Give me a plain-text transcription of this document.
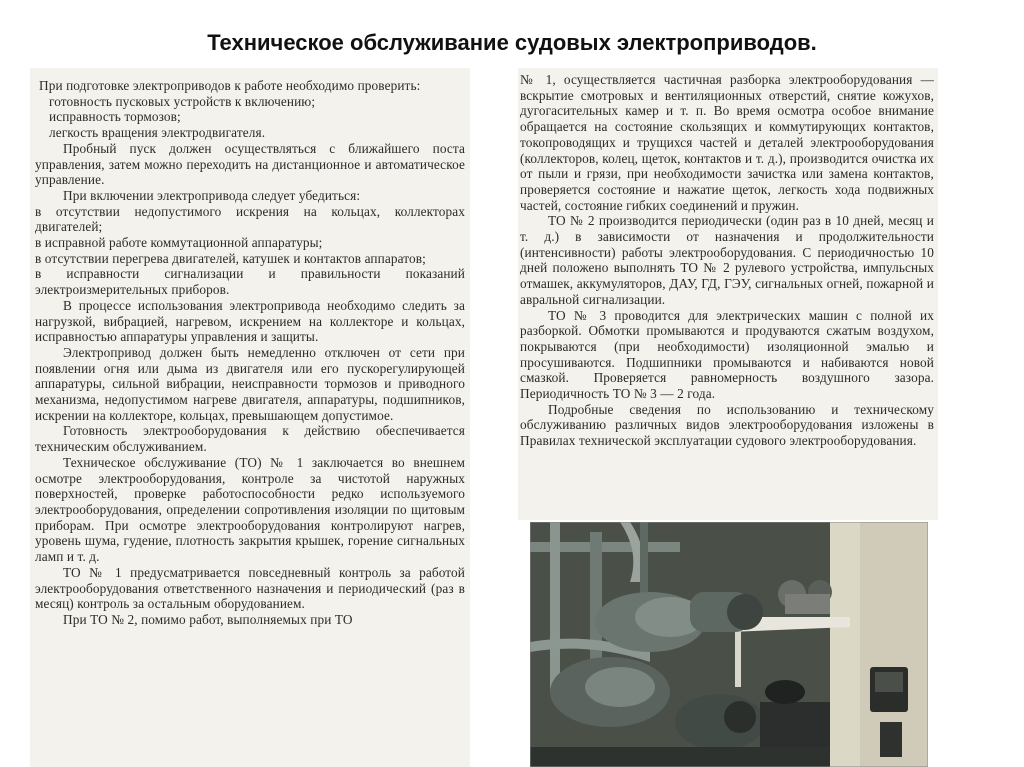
Техническое обслуживание судовых электроприводов.

При подготовке электроприводов к работе необходимо проверить:

готовность пусковых устройств к включению;

исправность тормозов;

легкость вращения электродвигателя.

Пробный пуск должен осуществляться с ближайшего поста управления, затем можно переходить на дистанционное и автоматическое управление.

При включении электропривода следует убедиться:

в отсутствии недопустимого искрения на кольцах, коллекторах двигателей;

в исправной работе коммутационной аппаратуры;

в отсутствии перегрева двигателей, катушек и контактов аппаратов;

в исправности сигнализации и правильности показаний электроизмерительных приборов.

В процессе использования электропривода необходимо следить за нагрузкой, вибрацией, нагревом, искрением на коллекторе и кольцах, исправностью аппаратуры управления и защиты.

Электропривод должен быть немедленно отключен от сети при появлении огня или дыма из двигателя или его пускорегулирующей аппаратуры, сильной вибрации, неисправности тормозов и приводного механизма, недопустимом нагреве двигателя, аппаратуры, подшипников, искрении на коллекторе, кольцах, превышающем допустимое.

Готовность электрооборудования к действию обеспечивается техническим обслуживанием.

Техническое обслуживание (ТО) № 1 заключается во внешнем осмотре электрооборудования, контроле за чистотой наружных поверхностей, проверке работоспособности редко используемого электрооборудования, определении сопротивления изоляции по щитовым приборам. При осмотре электрооборудования контролируют нагрев, уровень шума, гудение, плотность закрытия крышек, горение сигнальных ламп и т. д.

ТО № 1 предусматривается повседневный контроль за работой электрооборудования ответственного назначения и периодический (раз в месяц) контроль за остальным оборудованием.

При ТО № 2, помимо работ, выполняемых при ТО

№ 1, осуществляется частичная разборка электрооборудования — вскрытие смотровых и вентиляционных отверстий, снятие кожухов, дугогасительных камер и т. п. Во время осмотра особое внимание обращается на состояние скользящих и коммутирующих контактов, токопроводящих и трущихся частей и деталей электрооборудования (коллекторов, колец, щеток, контактов и т. д.), производится очистка их от пыли и грязи, при необходимости зачистка или замена контактов, проверяется состояние и нажатие щеток, легкость хода подвижных частей, состояние гибких соединений и пружин.

ТО № 2 производится периодически (один раз в 10 дней, месяц и т. д.) в зависимости от назначения и продолжительности (интенсивности) работы электрооборудования. С периодичностью 10 дней положено выполнять ТО № 2 рулевого устройства, импульсных отмашек, аккумуляторов, ДАУ, ГД, ГЭУ, сигнальных огней, пожарной и авральной сигнализации.

ТО № 3 проводится для электрических машин с полной их разборкой. Обмотки промываются и продуваются сжатым воздухом, покрываются (при необходимости) изоляционной эмалью и просушиваются. Подшипники промываются и набиваются новой смазкой. Проверяется равномерность воздушного зазора. Периодичность ТО № 3 — 2 года.

Подробные сведения по использованию и техническому обслуживанию различных видов электрооборудования изложены в Правилах технической эксплуатации судового электрооборудования.
